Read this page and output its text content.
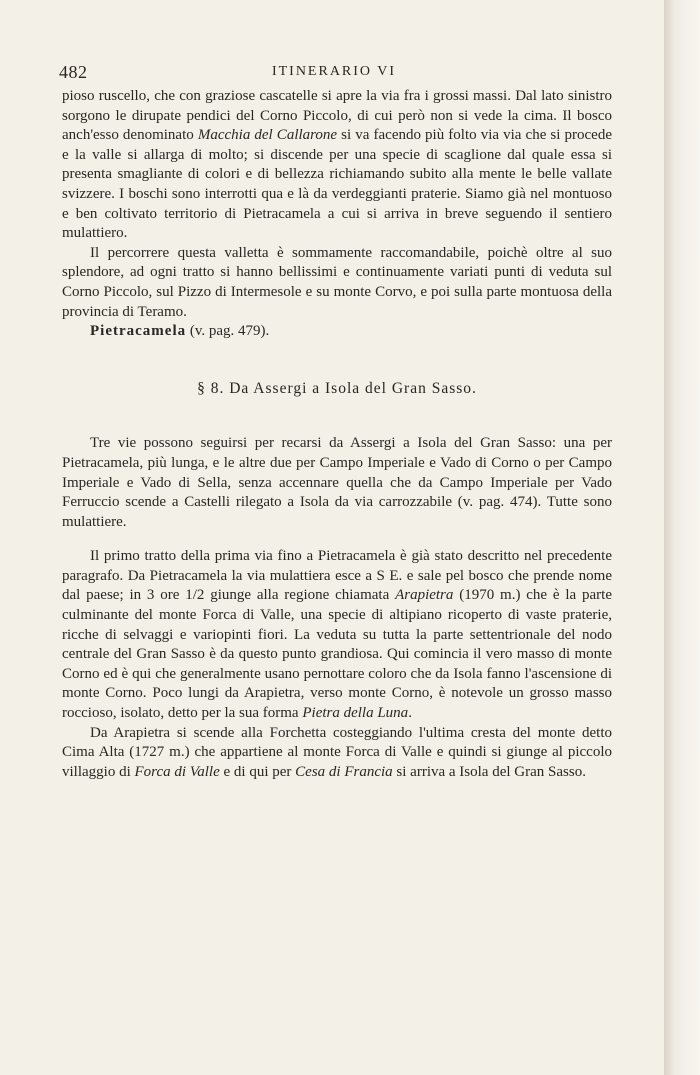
482	ITINERARIO VI

pioso ruscello, che con graziose cascatelle si apre la via fra i grossi massi. Dal lato sinistro sorgono le dirupate pendici del Corno Piccolo, di cui però non si vede la cima. Il bosco anch'esso denominato Macchia del Callarone si va facendo più folto via via che si procede e la valle si allarga di molto; si discende per una specie di scaglione dal quale essa si presenta smagliante di colori e di bellezza richiamando subito alla mente le belle vallate svizzere. I boschi sono interrotti qua e là da verdeggianti praterie. Siamo già nel montuoso e ben coltivato territorio di Pietracamela a cui si arriva in breve seguendo il sentiero mulattiero.

Il percorrere questa valletta è sommamente raccomandabile, poichè oltre al suo splendore, ad ogni tratto si hanno bellissimi e continuamente variati punti di veduta sul Corno Piccolo, sul Pizzo di Intermesole e su monte Corvo, e poi sulla parte montuosa della provincia di Teramo.

Pietracamela (v. pag. 479).

§ 8. Da Assergi a Isola del Gran Sasso.

Tre vie possono seguirsi per recarsi da Assergi a Isola del Gran Sasso: una per Pietracamela, più lunga, e le altre due per Campo Imperiale e Vado di Corno o per Campo Imperiale e Vado di Sella, senza accennare quella che da Campo Imperiale per Vado Ferruccio scende a Castelli rilegato a Isola da via carrozzabile (v. pag. 474). Tutte sono mulattiere.

Il primo tratto della prima via fino a Pietracamela è già stato descritto nel precedente paragrafo. Da Pietracamela la via mulattiera esce a S E. e sale pel bosco che prende nome dal paese; in 3 ore 1/2 giunge alla regione chiamata Arapietra (1970 m.) che è la parte culminante del monte Forca di Valle, una specie di altipiano ricoperto di vaste praterie, ricche di selvaggi e variopinti fiori. La veduta su tutta la parte settentrionale del nodo centrale del Gran Sasso è da questo punto grandiosa. Qui comincia il vero masso di monte Corno ed è qui che generalmente usano pernottare coloro che da Isola fanno l'ascensione di monte Corno. Poco lungi da Arapietra, verso monte Corno, è notevole un grosso masso roccioso, isolato, detto per la sua forma Pietra della Luna.

Da Arapietra si scende alla Forchetta costeggiando l'ultima cresta del monte detto Cima Alta (1727 m.) che appartiene al monte Forca di Valle e quindi si giunge al piccolo villaggio di Forca di Valle e di qui per Cesa di Francia si arriva a Isola del Gran Sasso.
